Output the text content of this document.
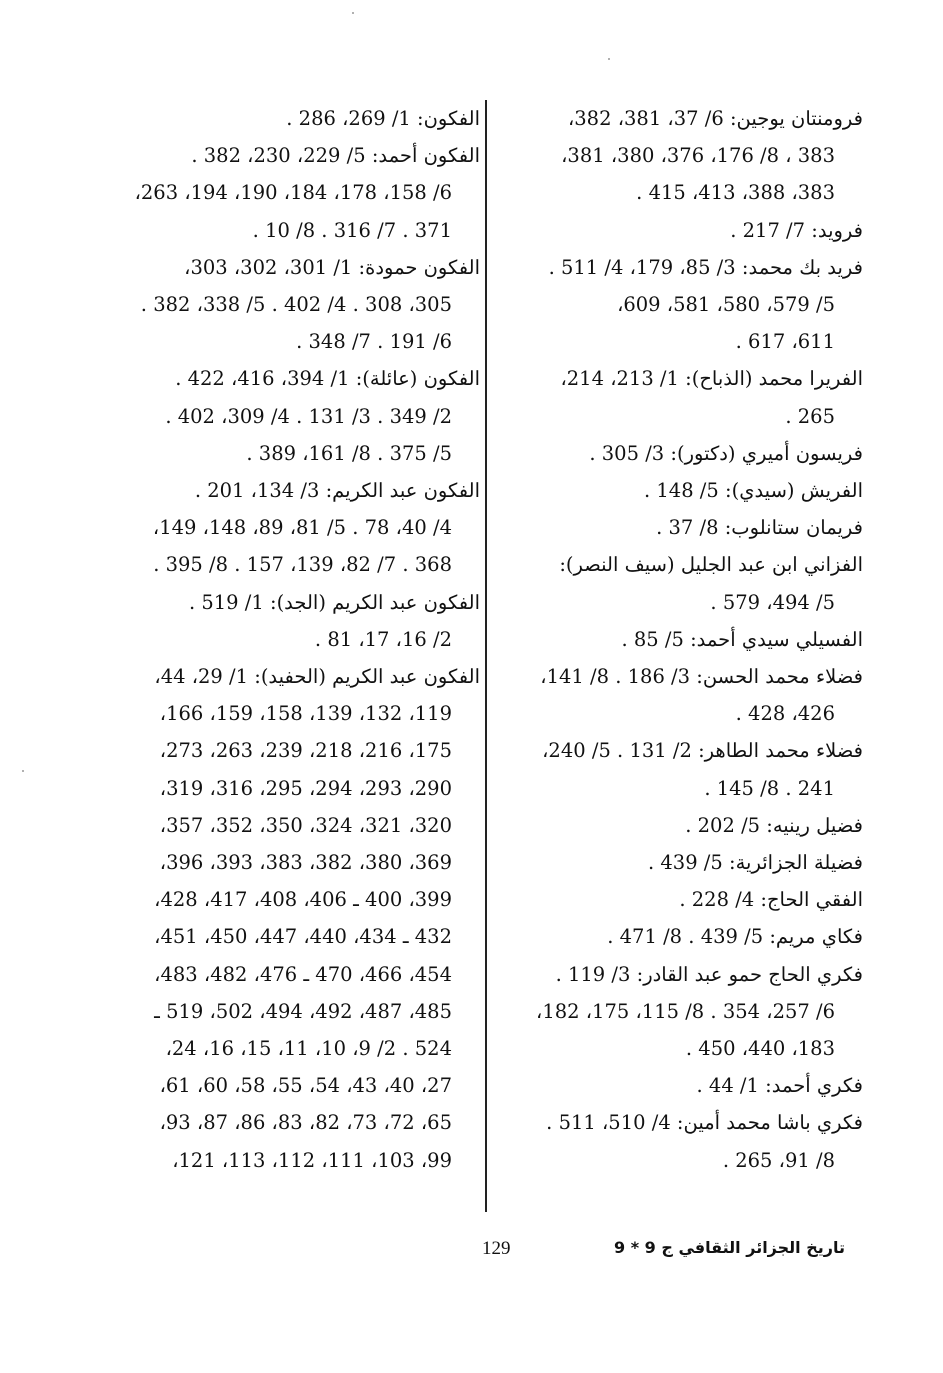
فرومنتان يوجين: 6/ 37، 381، 382،
383 ، 8/ 176، 376، 380، 381،
383، 388، 413، 415 .
فرويد: 7/ 217 .
فريد بك محمد: 3/ 85، 179، 4/ 511 .
5/ 579، 580، 581، 609،
611، 617 .
الفريرا محمد (الذباح): 1/ 213، 214،
265 .
فريسون أميري (دكتور): 3/ 305 .
الفريش (سيدي): 5/ 148 .
فريمان ستانلوب: 8/ 37 .
الفزاني ابن عبد الجليل (سيف النصر):
5/ 494، 579 .
الفسيلي سيدي أحمد: 5/ 85 .
فضلاء محمد الحسن: 3/ 186 . 8/ 141،
426، 428 .
فضلاء محمد الطاهر: 2/ 131 . 5/ 240،
241 . 8/ 145 .
فضيل رينيه: 5/ 202 .
فضيلة الجزائرية: 5/ 439 .
الفقي الحاج: 4/ 228 .
فكاي مريم: 5/ 439 . 8/ 471 .
فكري الحاج حمو عبد القادر: 3/ 119 .
6/ 257، 354 . 8/ 115، 175، 182،
183، 440، 450 .
فكري أحمد: 1/ 44 .
فكري باشا محمد أمين: 4/ 510، 511 .
8/ 91، 265 .
الفكون: 1/ 269، 286 .
الفكون أحمد: 5/ 229، 230، 382 .
6/ 158، 178، 184، 190، 194، 263،
371 . 7/ 316 . 8/ 10 .
الفكون حمودة: 1/ 301، 302، 303،
305، 308 . 4/ 402 . 5/ 338، 382 .
6/ 191 . 7/ 348 .
الفكون (عائلة): 1/ 394، 416، 422 .
2/ 349 . 3/ 131 . 4/ 309، 402 .
5/ 375 . 8/ 161، 389 .
الفكون عبد الكريم: 3/ 134، 201 .
4/ 40، 78 . 5/ 81، 89، 148، 149،
368 . 7/ 82، 139، 157 . 8/ 395 .
الفكون عبد الكريم (الجد): 1/ 519 .
2/ 16، 17، 81 .
الفكون عبد الكريم (الحفيد): 1/ 29، 44،
119، 132، 139، 158، 159، 166،
175، 216، 218، 239، 263، 273،
290، 293، 294، 295، 316، 319،
320، 321، 324، 350، 352، 357،
369، 380، 382، 383، 393، 396،
399، 400 ـ 406، 408، 417، 428،
432 ـ 434، 440، 447، 450، 451،
454، 466، 470 ـ 476، 482، 483،
485، 487، 492، 494، 502، 519 ـ
524 . 2/ 9، 10، 11، 15، 16، 24،
27، 40، 43، 54، 55، 58، 60، 61،
65، 72، 73، 82، 83، 86، 87، 93،
99، 103، 111، 112، 113، 121،
129	تاريخ الجزائر الثقافي ج 9 * 9
